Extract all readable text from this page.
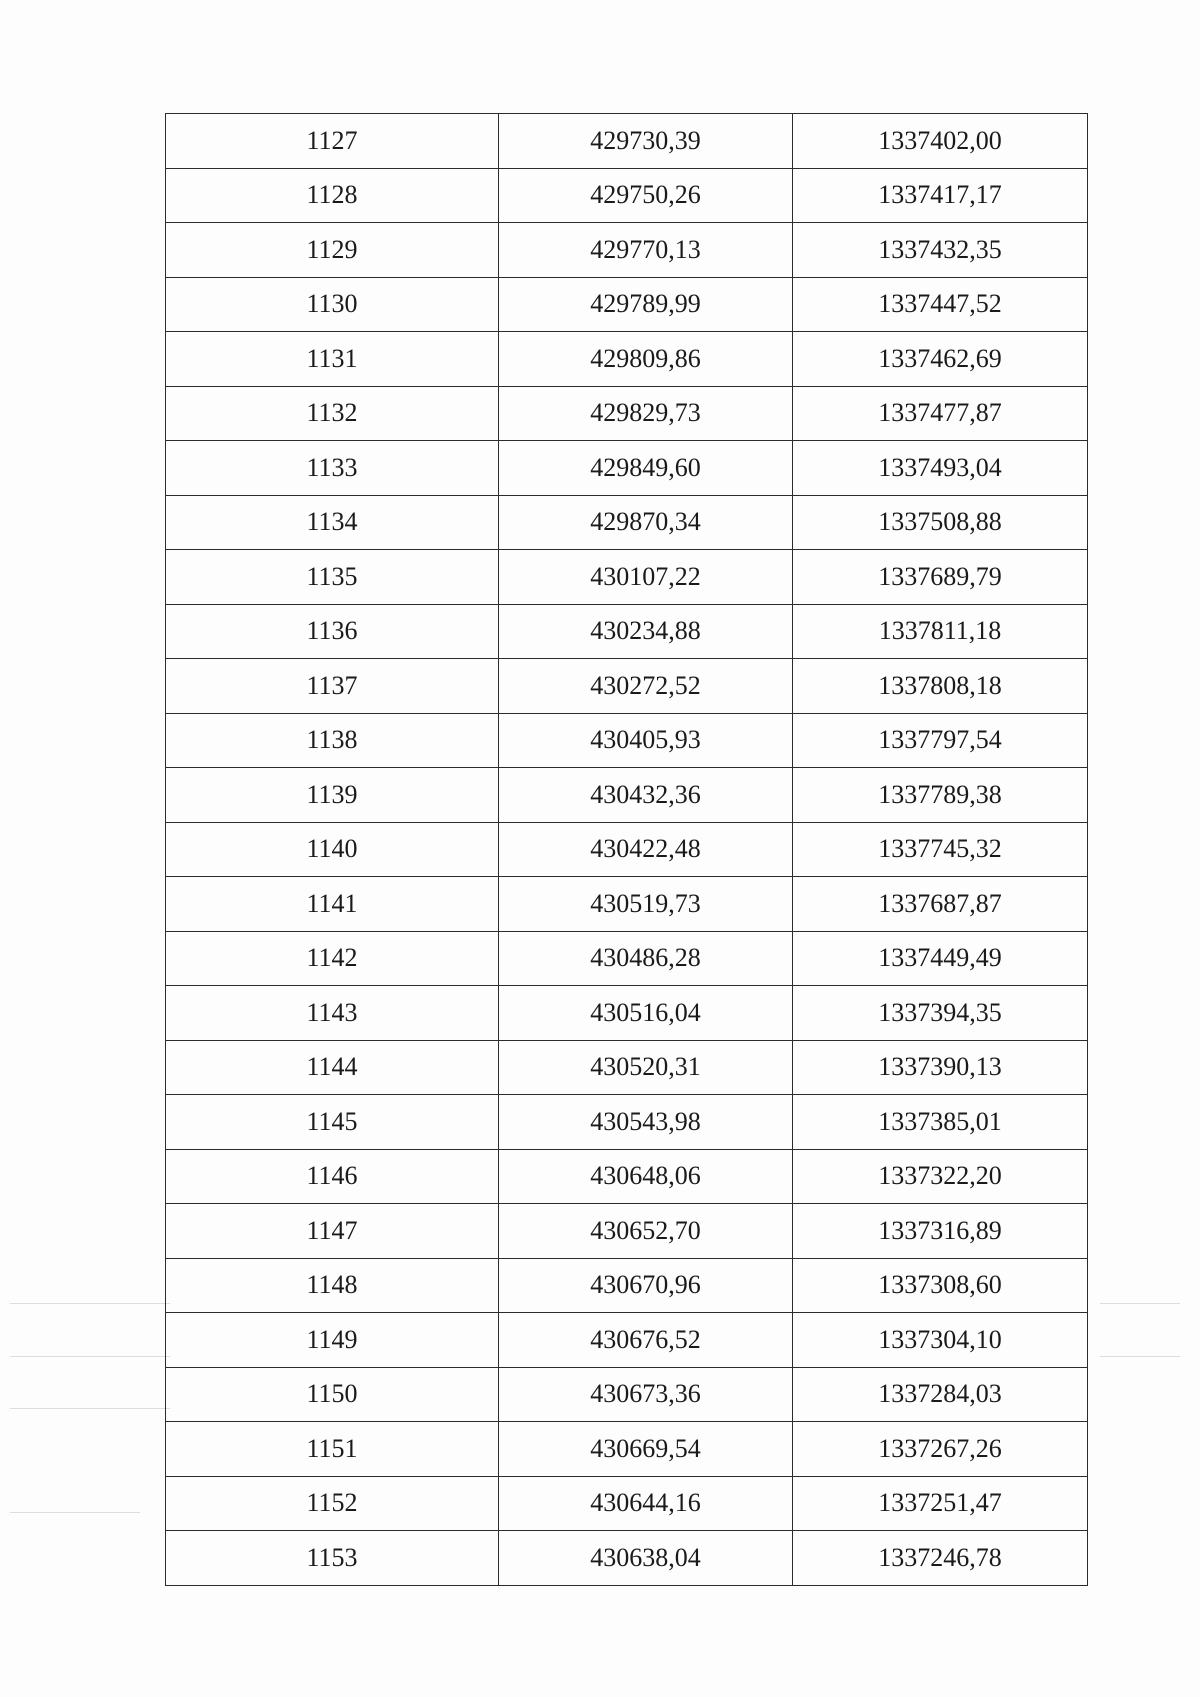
1127	429730,39	1337402,00
1128	429750,26	1337417,17
1129	429770,13	1337432,35
1130	429789,99	1337447,52
1131	429809,86	1337462,69
1132	429829,73	1337477,87
1133	429849,60	1337493,04
1134	429870,34	1337508,88
1135	430107,22	1337689,79
1136	430234,88	1337811,18
1137	430272,52	1337808,18
1138	430405,93	1337797,54
1139	430432,36	1337789,38
1140	430422,48	1337745,32
1141	430519,73	1337687,87
1142	430486,28	1337449,49
1143	430516,04	1337394,35
1144	430520,31	1337390,13
1145	430543,98	1337385,01
1146	430648,06	1337322,20
1147	430652,70	1337316,89
1148	430670,96	1337308,60
1149	430676,52	1337304,10
1150	430673,36	1337284,03
1151	430669,54	1337267,26
1152	430644,16	1337251,47
1153	430638,04	1337246,78
